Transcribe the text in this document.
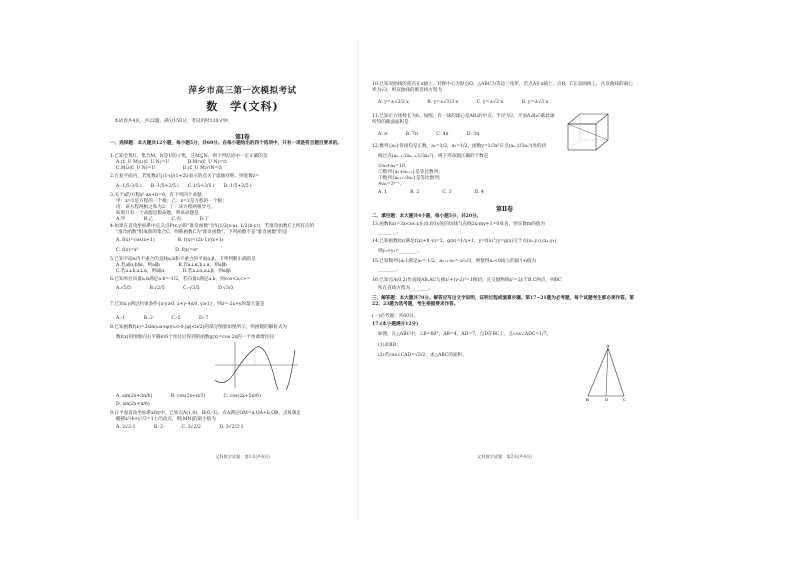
萍乡市高三第一次模拟考试
数　学(文科)
本试卷共4页，共22题。满分150分，考试用时120分钟。
第Ⅰ卷
一、选择题：本大题共12小题，每小题5分，共60分。在每小题给出的四个选项中，只有一项是符合题目要求的。
1.已知全集U，集合M，N是U的子集，且M⊆N，则下列结论中一定正确的是
A.(∁_U M)∪(∁_U N)=U　　　　B.M∩(∁_U N)=∅
C.M∪(∁_U N)=U　　　　　　D.(∁_U M)∩N=∅
2.在复平面内，若复数z与(1-i)/(1+2i)表示的点关于虚轴对称，则复数z=
A.-1/5-3/5 i　　B.-1/5+3/5 i　　C.1/5+3/5 i　　D.-1/5+3/5 i
3.关于x的方程x²-ax+b=0，有下列四个命题：
甲：x=1是方程的一个根；乙：x=3是方程的一个根；
丙：该方程两根之和为2；丁：该方程两根异号。
如果只有一个命题是假命题，则该命题是
A.甲　　　　B.乙　　　　C.丙　　　　D.丁
4.如果在直角坐标系中定义点P(x,y)的"准奇函数"为Y(1/2(x-a), 1/2(b-y))，若准奇函数C上所有点的
"准奇函数"组成新的集合C，则称函数C为"准奇函数"。下列函数不是"准奇函数"的是
A. f(x)=cos(x+1)　　　　　B. f(x)=(2x-1)/(x+1)
C. f(x)=x³　　　　　　　　D. f(x)=eˣ
5.已知平面α内不重合的直线a,b和不重合的平面α,β，下列判断正确的是
A.若a∥α,b∥α，则a∥b　　　　B.若a⊥α,b⊥α，则a∥b
C.若a⊥b,a⊥α，则b∥α　　　　D.若a⊥α,a⊥β，则α∥β
6.已知单位向量a,b满足a·b=-1/2，若向量c满足a,b，则cos<a,c>=
A.√5/5　　　　B.√2/5　　　　C.-√3/5　　　　D.√3/3
7.已知x,y满足约束条件{x-y≥0, x+y-4≤0, y≥1}，则z=-2x+y的最大值是
A.-1　　　　B.-2　　　　C.-5　　　　D.-7
8.已知函数f(x)=2sin(ωx+φ)(ω>0,|φ|<π/2)的部分图象如图所示，则函数的解析式为
数f(x)的图象向右平移π/6个单位后得到的函数g(x)=cos 2x的一个单调增区间
A. sin(2x+3π/6)　　　　B. cos(2x+π/3)　　　　C. cos(2x+5π/6)
D. sin(2x+π/6)
9.在平面直角坐标系xOy中，已知点A(1,0)，B(0,-1)，点A满足OM=a,OA+b,OB，点N满足
椭圆x²/4+y²/3=1上的动点，则|MN|的最小值为
A. 2√2-1　　　　B. 2　　　　C. 3√2/2　　　　D. 3√2/2-1
文科数学试题　第1页(共4页)
10.已知双曲线的焦点在x轴上，对称中心为原点O，△ABC为等边三角形，若点A在x轴上，点B，C在双曲线上，且双曲线的离心率为√3，则双曲线的渐近线方程为
A. y=±√2/2 x　　　　B. y=±√3/3 x　　　　C. y=±√2 x　　　　D. y=±√3 x
11.已知正方体棱长为6，如图，有一球的球心是AB₁的中点，半径为2，平面A₁B₁C截此球所得的截面面积是
A. π　　　　B. 7π　　　　C. 4π　　　　D. 3π
12.数列{aₙ}各项均是正数，a₁=1/2，a₂=1/2，函数y=1/3x³在点(aₙ,1/3aₙ³)处的切
线过点(aₙ₋₁-2aₙ₋₁,1/3aₙ³)，则下列命题正确的个数是
①a₃+a₄=10；
②数列{aₙ+aₙ₊₁}是等比数列；
③数列{aₙ₊₁-3aₙ}是等比数列；
④aₙ=3ⁿ⁻¹。
A. 1　　　　　B. 2　　　　　C. 3　　　　　D. 4
第Ⅱ卷
二、填空题：本大题共4小题，每小题5分，共20分。
13.函数f(x)=3x-cos x在(0,f(0))处的切线与直线2x-my+1=0垂直，则实数m的值为
________。
14.已知函数f(x)满足f(x)+f(-x)=2，g(x)=1/x+1，y=f(x)与y=g(x)交于点(x₁,y₁),(x₂,y₂)，
则y₁+y₂=________。
15.已知数列{aₙ}满足a₁=-1/2，aₙ₊₁-aₙ=-a²ₙ/3，则使得aₙ<0成立的最小n值为
________。
16.已知点A(0,2)作直线AB,AC与圆x²+(y-2)²=1相切，且交抛物线x²=2y于B,C两点，则BC
所在直线方程为________。
三、解答题：本大题共70分。解答应写出文字说明，证明过程或演算步骤。第17~21题为必考题，每个试题考生都必须作答。第22、23题为选考题，考生根据要求作答。
(一)必考题：共60分。
17.(本小题满分12分)
如图，在△ABC中，∠B=60°，AB=4，AD=7，点D在BC上，且cos∠ADC=1/7。
(1)求BD；
(2)若cos∠CAD=√3/2，求△ABC的面积。
A
B	D	C
文科数学试题　第2页(共4页)
